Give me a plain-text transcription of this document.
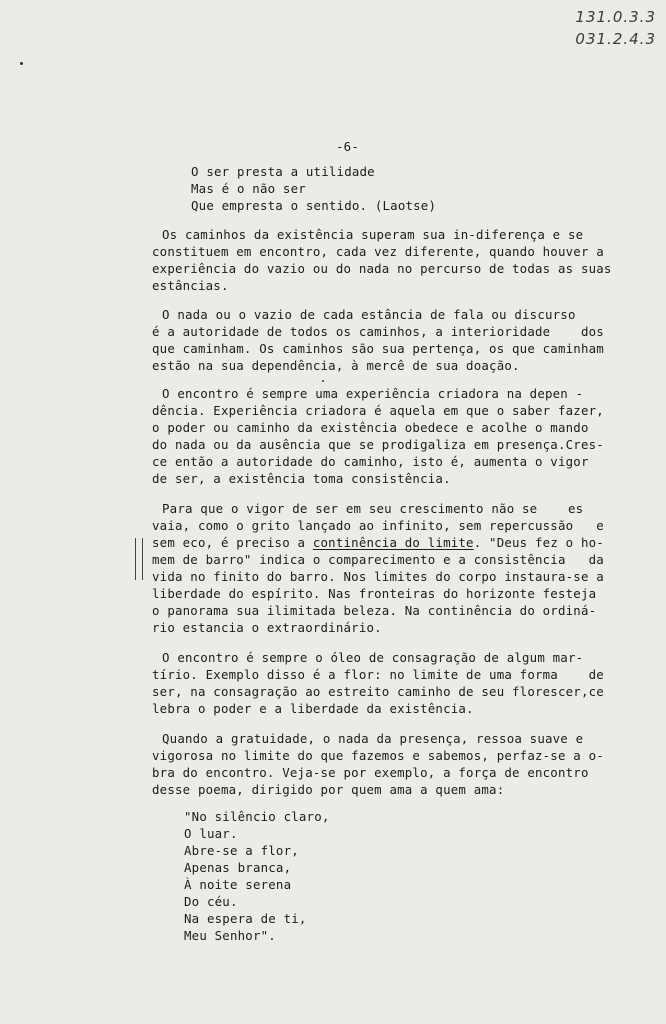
131.0.3.3
031.2.4.3
-6-
O ser presta a utilidade
Mas é o não ser
Que empresta o sentido. (Laotse)
Os caminhos da existência superam sua in-diferença e se
constituem em encontro, cada vez diferente, quando houver a
experiência do vazio ou do nada no percurso de todas as suas
estâncias.
O nada ou o vazio de cada estância de fala ou discurso
é a autoridade de todos os caminhos, a interioridade    dos
que caminham. Os caminhos são sua pertença, os que caminham
estão na sua dependência, à mercê de sua doação.
O encontro é sempre uma experiência criadora na depen -
dência. Experiência criadora é aquela em que o saber fazer,
o poder ou caminho da existência obedece e acolhe o mando
do nada ou da ausência que se prodigaliza em presença.Cres-
ce então a autoridade do caminho, isto é, aumenta o vigor
de ser, a existência toma consistência.
Para que o vigor de ser em seu crescimento não se    es
vaia, como o grito lançado ao infinito, sem repercussão   e
sem eco, é preciso a continência do limite. "Deus fez o ho-
mem de barro" indica o comparecimento e a consistência   da
vida no finito do barro. Nos limites do corpo instaura-se a
liberdade do espírito. Nas fronteiras do horizonte festeja
o panorama sua ilimitada beleza. Na continência do ordiná-
rio estancia o extraordinário.
O encontro é sempre o óleo de consagração de algum mar-
tírio. Exemplo disso é a flor: no limite de uma forma    de
ser, na consagração ao estreito caminho de seu florescer,ce
lebra o poder e a liberdade da existência.
Quando a gratuidade, o nada da presença, ressoa suave e
vigorosa no limite do que fazemos e sabemos, perfaz-se a o-
bra do encontro. Veja-se por exemplo, a força de encontro
desse poema, dirigido por quem ama a quem ama:
"No silêncio claro,
O luar.
Abre-se a flor,
Apenas branca,
À noite serena
Do céu.
Na espera de ti,
Meu Senhor".
